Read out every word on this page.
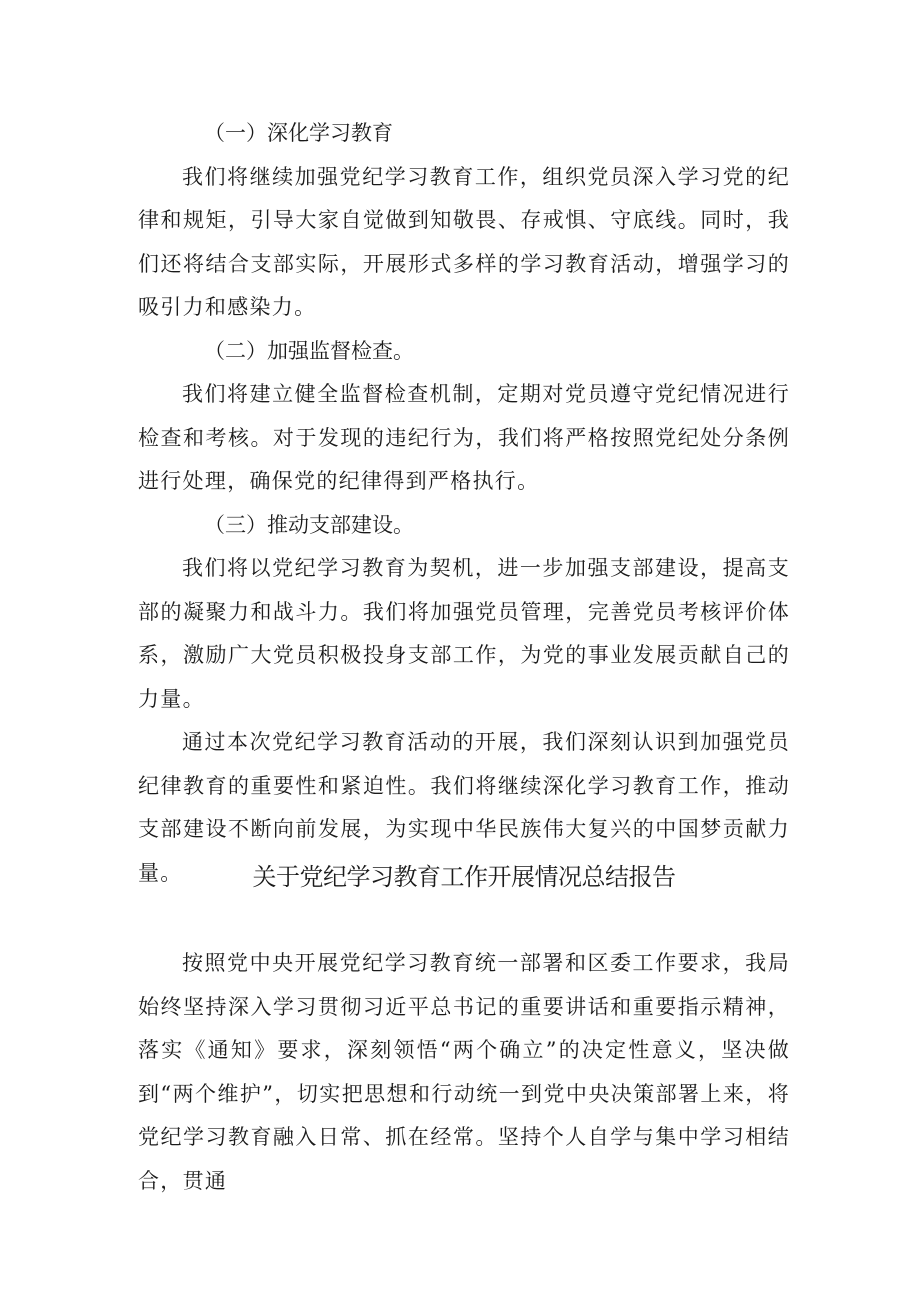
（一）深化学习教育

我们将继续加强党纪学习教育工作，组织党员深入学习党的纪律和规矩，引导大家自觉做到知敬畏、存戒惧、守底线。同时，我们还将结合支部实际，开展形式多样的学习教育活动，增强学习的吸引力和感染力。

（二）加强监督检查。

我们将建立健全监督检查机制，定期对党员遵守党纪情况进行检查和考核。对于发现的违纪行为，我们将严格按照党纪处分条例进行处理，确保党的纪律得到严格执行。

（三）推动支部建设。

我们将以党纪学习教育为契机，进一步加强支部建设，提高支部的凝聚力和战斗力。我们将加强党员管理，完善党员考核评价体系，激励广大党员积极投身支部工作，为党的事业发展贡献自己的力量。

通过本次党纪学习教育活动的开展，我们深刻认识到加强党员纪律教育的重要性和紧迫性。我们将继续深化学习教育工作，推动支部建设不断向前发展，为实现中华民族伟大复兴的中国梦贡献力量。	关于党纪学习教育工作开展情况总结报告

按照党中央开展党纪学习教育统一部署和区委工作要求，我局始终坚持深入学习贯彻习近平总书记的重要讲话和重要指示精神，落实《通知》要求，深刻领悟“两个确立”的决定性意义，坚决做到“两个维护”，切实把思想和行动统一到党中央决策部署上来，将党纪学习教育融入日常、抓在经常。坚持个人自学与集中学习相结合，贯通
